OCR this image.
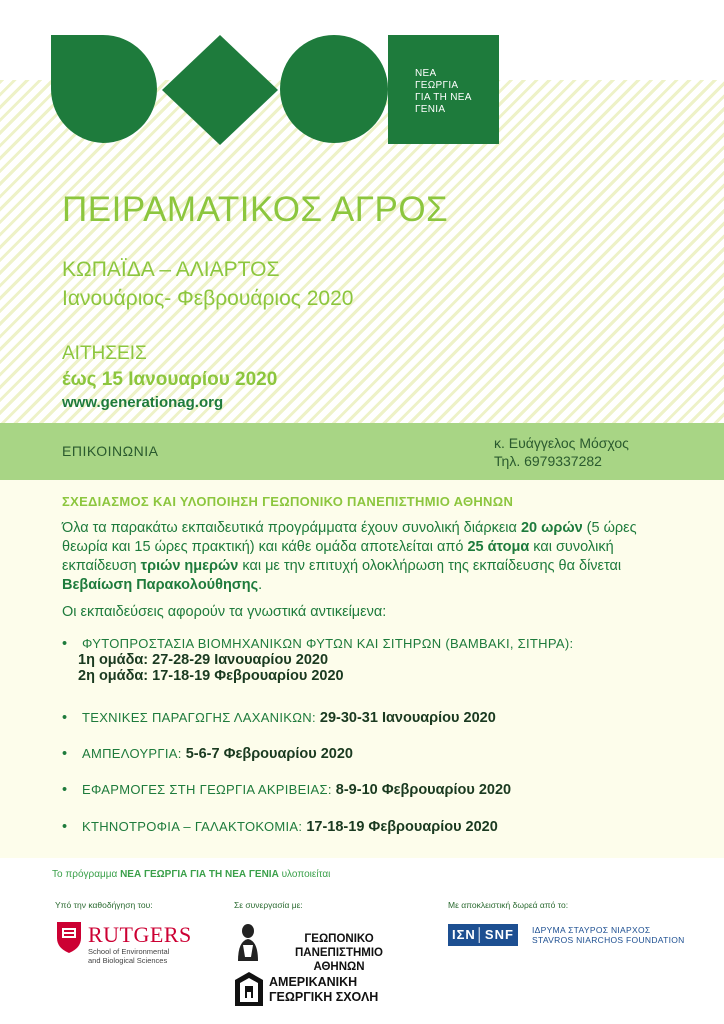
ΝΕΑ
ΓΕΩΡΓΙΑ
ΓΙΑ ΤΗ ΝΕΑ
ΓΕΝΙΑ
ΠΕΙΡΑΜΑΤΙΚΟΣ ΑΓΡΟΣ
ΚΩΠΑΪΔΑ – ΑΛΙΑΡΤΟΣ
Ιανουάριος- Φεβρουάριος 2020
ΑΙΤΗΣΕΙΣ
έως 15 Ιανουαρίου 2020
www.generationag.org
ΕΠΙΚΟΙΝΩΝΙΑ	κ. Ευάγγελος Μόσχος
Τηλ. 6979337282
ΣΧΕΔΙΑΣΜΟΣ ΚΑΙ ΥΛΟΠΟΙΗΣΗ ΓΕΩΠΟΝΙΚΟ ΠΑΝΕΠΙΣΤΗΜΙΟ ΑΘΗΝΩΝ
Όλα τα παρακάτω εκπαιδευτικά προγράμματα έχουν συνολική διάρκεια 20 ωρών (5 ώρες θεωρία και 15 ώρες πρακτική) και κάθε ομάδα αποτελείται από 25 άτομα και συνολική εκπαίδευση τριών ημερών και με την επιτυχή ολοκλήρωση της εκπαίδευσης θα δίνεται Βεβαίωση Παρακολούθησης.
Οι εκπαιδεύσεις αφορούν τα γνωστικά αντικείμενα:
• ΦΥΤΟΠΡΟΣΤΑΣΙΑ ΒΙΟΜΗΧΑΝΙΚΩΝ ΦΥΤΩΝ ΚΑΙ ΣΙΤΗΡΩΝ (ΒΑΜΒΑΚΙ, ΣΙΤΗΡΑ):
1η ομάδα: 27-28-29 Ιανουαρίου 2020
2η ομάδα: 17-18-19 Φεβρουαρίου 2020
• ΤΕΧΝΙΚΕΣ ΠΑΡΑΓΩΓΗΣ ΛΑΧΑΝΙΚΩΝ: 29-30-31 Ιανουαρίου 2020
• ΑΜΠΕΛΟΥΡΓΙΑ: 5-6-7 Φεβρουαρίου 2020
• ΕΦΑΡΜΟΓΕΣ ΣΤΗ ΓΕΩΡΓΙΑ ΑΚΡΙΒΕΙΑΣ: 8-9-10 Φεβρουαρίου 2020
• ΚΤΗΝΟΤΡΟΦΙΑ – ΓΑΛΑΚΤΟΚΟΜΙΑ: 17-18-19 Φεβρουαρίου 2020
Το πρόγραμμα ΝΕΑ ΓΕΩΡΓΙΑ ΓΙΑ ΤΗ ΝΕΑ ΓΕΝΙΑ υλοποιείται
Υπό την καθοδήγηση του:	Σε συνεργασία με:	Με αποκλειστική δωρεά από το:
RUTGERS
School of Environmental
and Biological Sciences
ΓΕΩΠΟΝΙΚΟ ΠΑΝΕΠΙΣΤΗΜΙΟ
ΑΘΗΝΩΝ
ΑΜΕΡΙΚΑΝΙΚΗ
ΓΕΩΡΓΙΚΗ ΣΧΟΛΗ
ΙΣΝ│SNF	ΙΔΡΥΜΑ ΣΤΑΥΡΟΣ ΝΙΑΡΧΟΣ
STAVROS NIARCHOS FOUNDATION
